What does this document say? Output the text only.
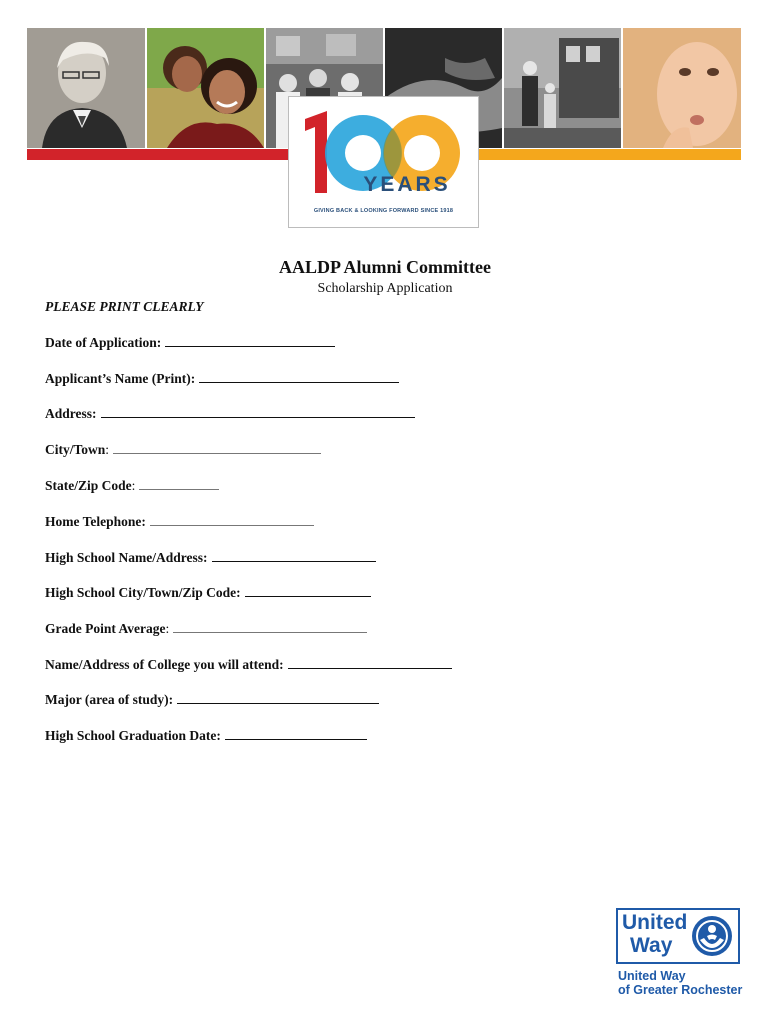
YEARS
GIVING BACK & LOOKING FORWARD SINCE 1918
AALDP Alumni Committee
Scholarship Application
PLEASE PRINT CLEARLY
Date of Application:
Applicant’s Name (Print):
Address:
City/Town:
State/Zip Code:
Home Telephone:
High School Name/Address:
High School City/Town/Zip Code:
Grade Point Average:
Name/Address of College you will attend:
Major (area of study):
High School Graduation Date:
United
Way
United Way
of Greater Rochester
